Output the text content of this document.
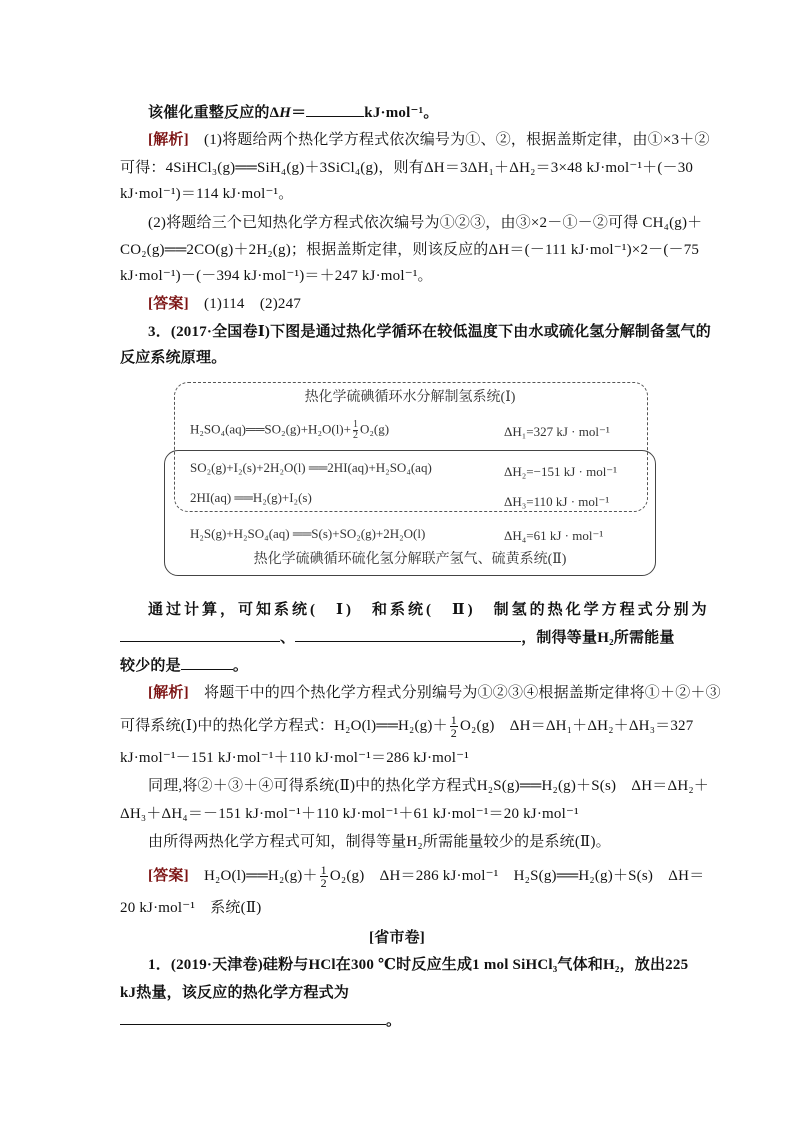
该催化重整反应的ΔH＝	kJ·mol⁻¹。
[解析]　 (1)将题给两个热化学方程式依次编号为①、②，根据盖斯定律，由①×3＋②
可得：4SiHCl₃(g)══SiH₄(g)＋3SiCl₄(g)，则有ΔH＝3ΔH₁＋ΔH₂＝3×48 kJ·mol⁻¹＋(－30
kJ·mol⁻¹)＝114 kJ·mol⁻¹。
(2)将题给三个已知热化学方程式依次编号为①②③，由③×2－①－②可得 CH₄(g)＋
CO₂(g)══2CO(g)＋2H₂(g)；根据盖斯定律，则该反应的ΔH＝(－111 kJ·mol⁻¹)×2－(－75
kJ·mol⁻¹)－(－394 kJ·mol⁻¹)＝＋247 kJ·mol⁻¹。
[答案]　 (1)114　(2)247
3．(2017·全国卷Ⅰ)下图是通过热化学循环在较低温度下由水或硫化氢分解制备氢气的
反应系统原理。
热化学硫碘循环水分解制氢系统(Ⅰ)
H₂SO₄(aq)══SO₂(g)+H₂O(l)+ $\frac{1}{2} O_2(g)$	ΔH₁=327 kJ · mol⁻¹
SO₂(g)+I₂(s)+2H₂O(l) ══2HI(aq)+H₂SO₄(aq)	ΔH₂=−151 kJ · mol⁻¹
2HI(aq) ══H₂(g)+I₂(s)	ΔH₃=110 kJ · mol⁻¹
H₂S(g)+H₂SO₄(aq) ══S(s)+SO₂(g)+2H₂O(l)	ΔH₄=61 kJ · mol⁻¹
热化学硫碘循环硫化氢分解联产氢气、硫黄系统(Ⅱ)
通过计算，可知系统(　Ⅰ)　和系统(　Ⅱ)　制氢的热化学方程式分别为
、	，制得等量H₂所需能量
较少的是	。
[解析]　 将题干中的四个热化学方程式分别编号为①②③④根据盖斯定律将①＋②＋③
可得系统(Ⅰ)中的热化学方程式：H₂O(l)══H₂(g)＋ $\frac{1}{2} O_2(g)$　ΔH＝ΔH₁＋ΔH₂＋ΔH₃＝327
kJ·mol⁻¹－151 kJ·mol⁻¹＋110 kJ·mol⁻¹＝286 kJ·mol⁻¹
同理,将②＋③＋④可得系统(Ⅱ)中的热化学方程式H₂S(g)══H₂(g)＋S(s)　ΔH＝ΔH₂＋
ΔH₃＋ΔH₄＝－151 kJ·mol⁻¹＋110 kJ·mol⁻¹＋61 kJ·mol⁻¹＝20 kJ·mol⁻¹
由所得两热化学方程式可知，制得等量H₂所需能量较少的是系统(Ⅱ)。
[答案]　 H₂O(l)══H₂(g)＋ $\frac{1}{2} O_2(g)$　ΔH＝286 kJ·mol⁻¹　H₂S(g)══H₂(g)＋S(s)　ΔH＝
20 kJ·mol⁻¹　系统(Ⅱ)
[省市卷]
1．(2019·天津卷)硅粉与HCl在300 ℃时反应生成1 mol SiHCl₃气体和H₂，放出225
kJ热量，该反应的热化学方程式为
。
